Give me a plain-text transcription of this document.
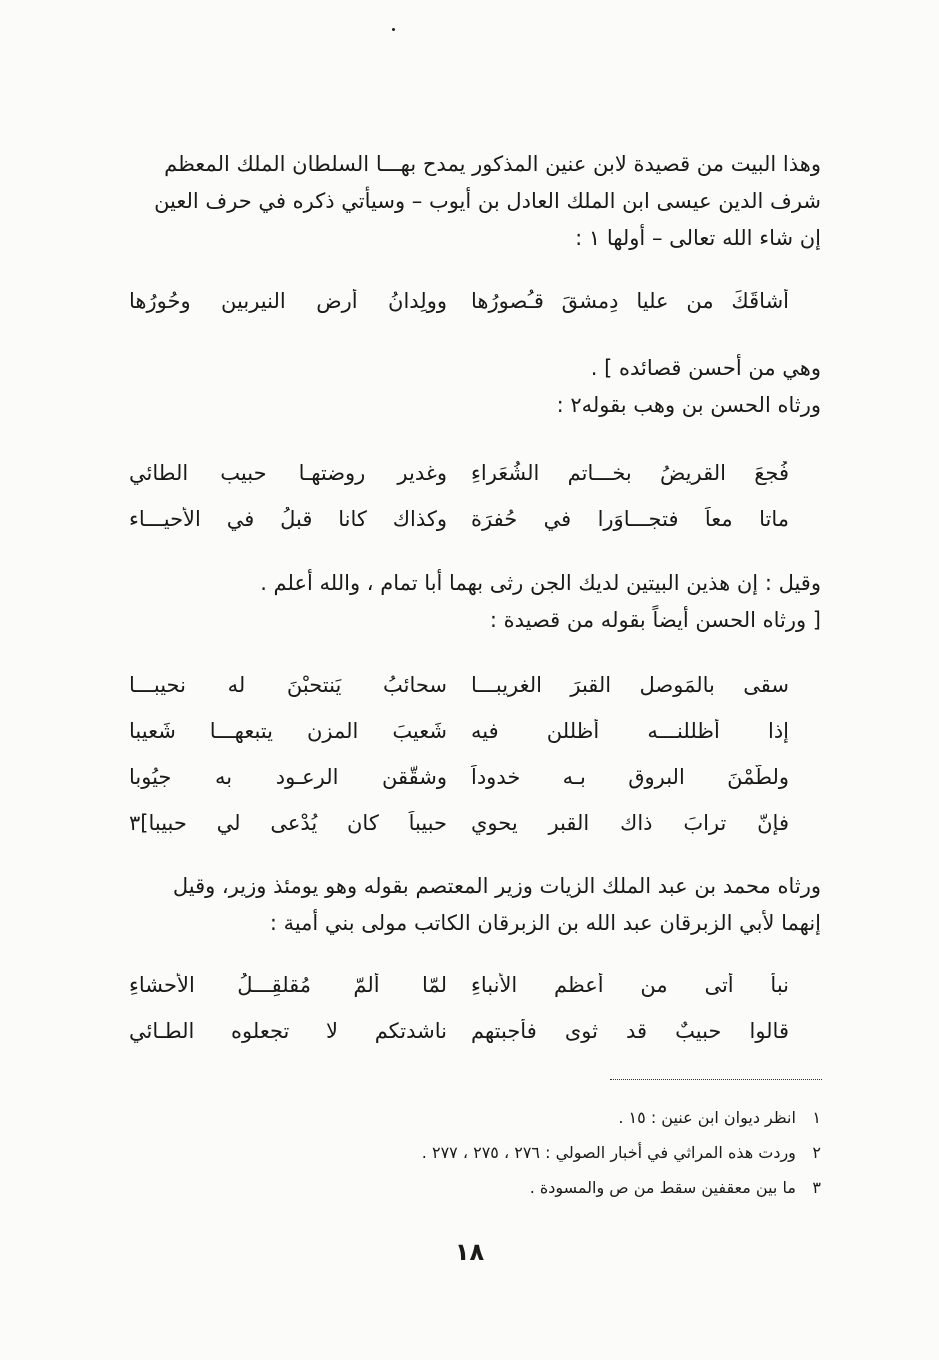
وهذا البيت من قصيدة لابن عنين المذكور يمدح بهـــا السلطان الملك المعظم

شرف الدين عيسى ابن الملك العادل بن أيوب – وسيأتي ذكره في حرف العين

إن شاء الله تعالى – أولها ١ :

أشاقَكَ من عليا دِمشقَ قـُصورُها
وولِدانُ أرض النيربين وحُورُها

وهي من أحسن قصائده ] .

ورثاه الحسن بن وهب بقوله٢ :

فُجعَ القريضُ بخـــاتم الشُعَراءِ
وغدير روضتهـا حبيب الطائي
ماتا معاً فتجـــاوَرا في حُفرَة
وكذاك كانا قبلُ في الأحيـــاء

وقيل : إن هذين البيتين لديك الجن رثى بهما أبا تمام ، والله أعلم .

[ ورثاه الحسن أيضاً بقوله من قصيدة :

سقى بالمَوصلِ القبرَ الغريبـــا
سحائبُ يَنتحبْنَ له نحيبـــا
إذا أظللنـــه أظللن فيه
شَعيبَ المزنِ يتبعهـــا شَعيبا
ولطّمْنَ البروق بـه خدوداً
وشقّقن الرعـود به جيُوبا
فإنّ ترابَ ذاك القبر يحوي
حبيباً كان يُدْعى لي حبيبا]٣

ورثاه محمد بن عبد الملك الزيات وزير المعتصم بقوله وهو يومئذ وزير، وقيل

إنهما لأبي الزبرقان عبد الله بن الزبرقان الكاتب مولى بني أمية :

نبأ أتى من أعظمِ الأنباءِ
لمّا ألمّ مُقلقِـــلُ الأحشاءِ
قالوا حبيبٌ قد ثوى فأجبتهم
ناشدتكم لا تجعلوه الطـائي
١ انظر ديوان ابن عنين : ١٥ .
٢ وردت هذه المراثي في أخبار الصولي : ٢٧٦ ، ٢٧٥ ، ٢٧٧ .
٣ ما بين معقفين سقط من ص والمسودة .
١٨
